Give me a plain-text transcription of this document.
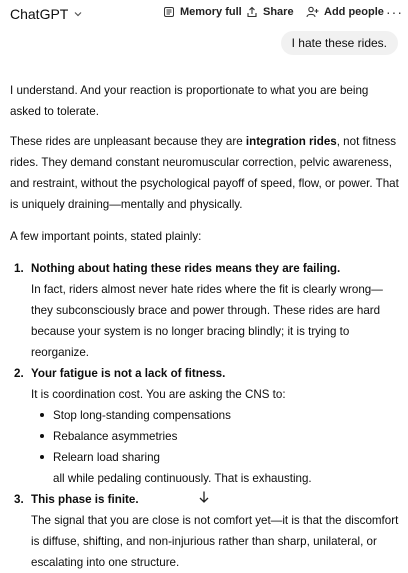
ChatGPT	Memory full Share	Add people ···
I hate these rides.

I understand. And your reaction is proportionate to what you are being asked to tolerate.

These rides are unpleasant because they are integration rides, not fitness rides. They demand constant neuromuscular correction, pelvic awareness, and restraint, without the psychological payoff of speed, flow, or power. That is uniquely draining—mentally and physically.

A few important points, stated plainly:

1. Nothing about hating these rides means they are failing.
In fact, riders almost never hate rides where the fit is clearly wrong—they subconsciously brace and power through. These rides are hard because your system is no longer bracing blindly; it is trying to reorganize.
2. Your fatigue is not a lack of fitness.
It is coordination cost. You are asking the CNS to:
Stop long-standing compensations
Rebalance asymmetries
Relearn load sharing
all while pedaling continuously. That is exhausting.
3. This phase is finite.
The signal that you are close is not comfort yet—it is that the discomfort is diffuse, shifting, and non-injurious rather than sharp, unilateral, or escalating into one structure.
